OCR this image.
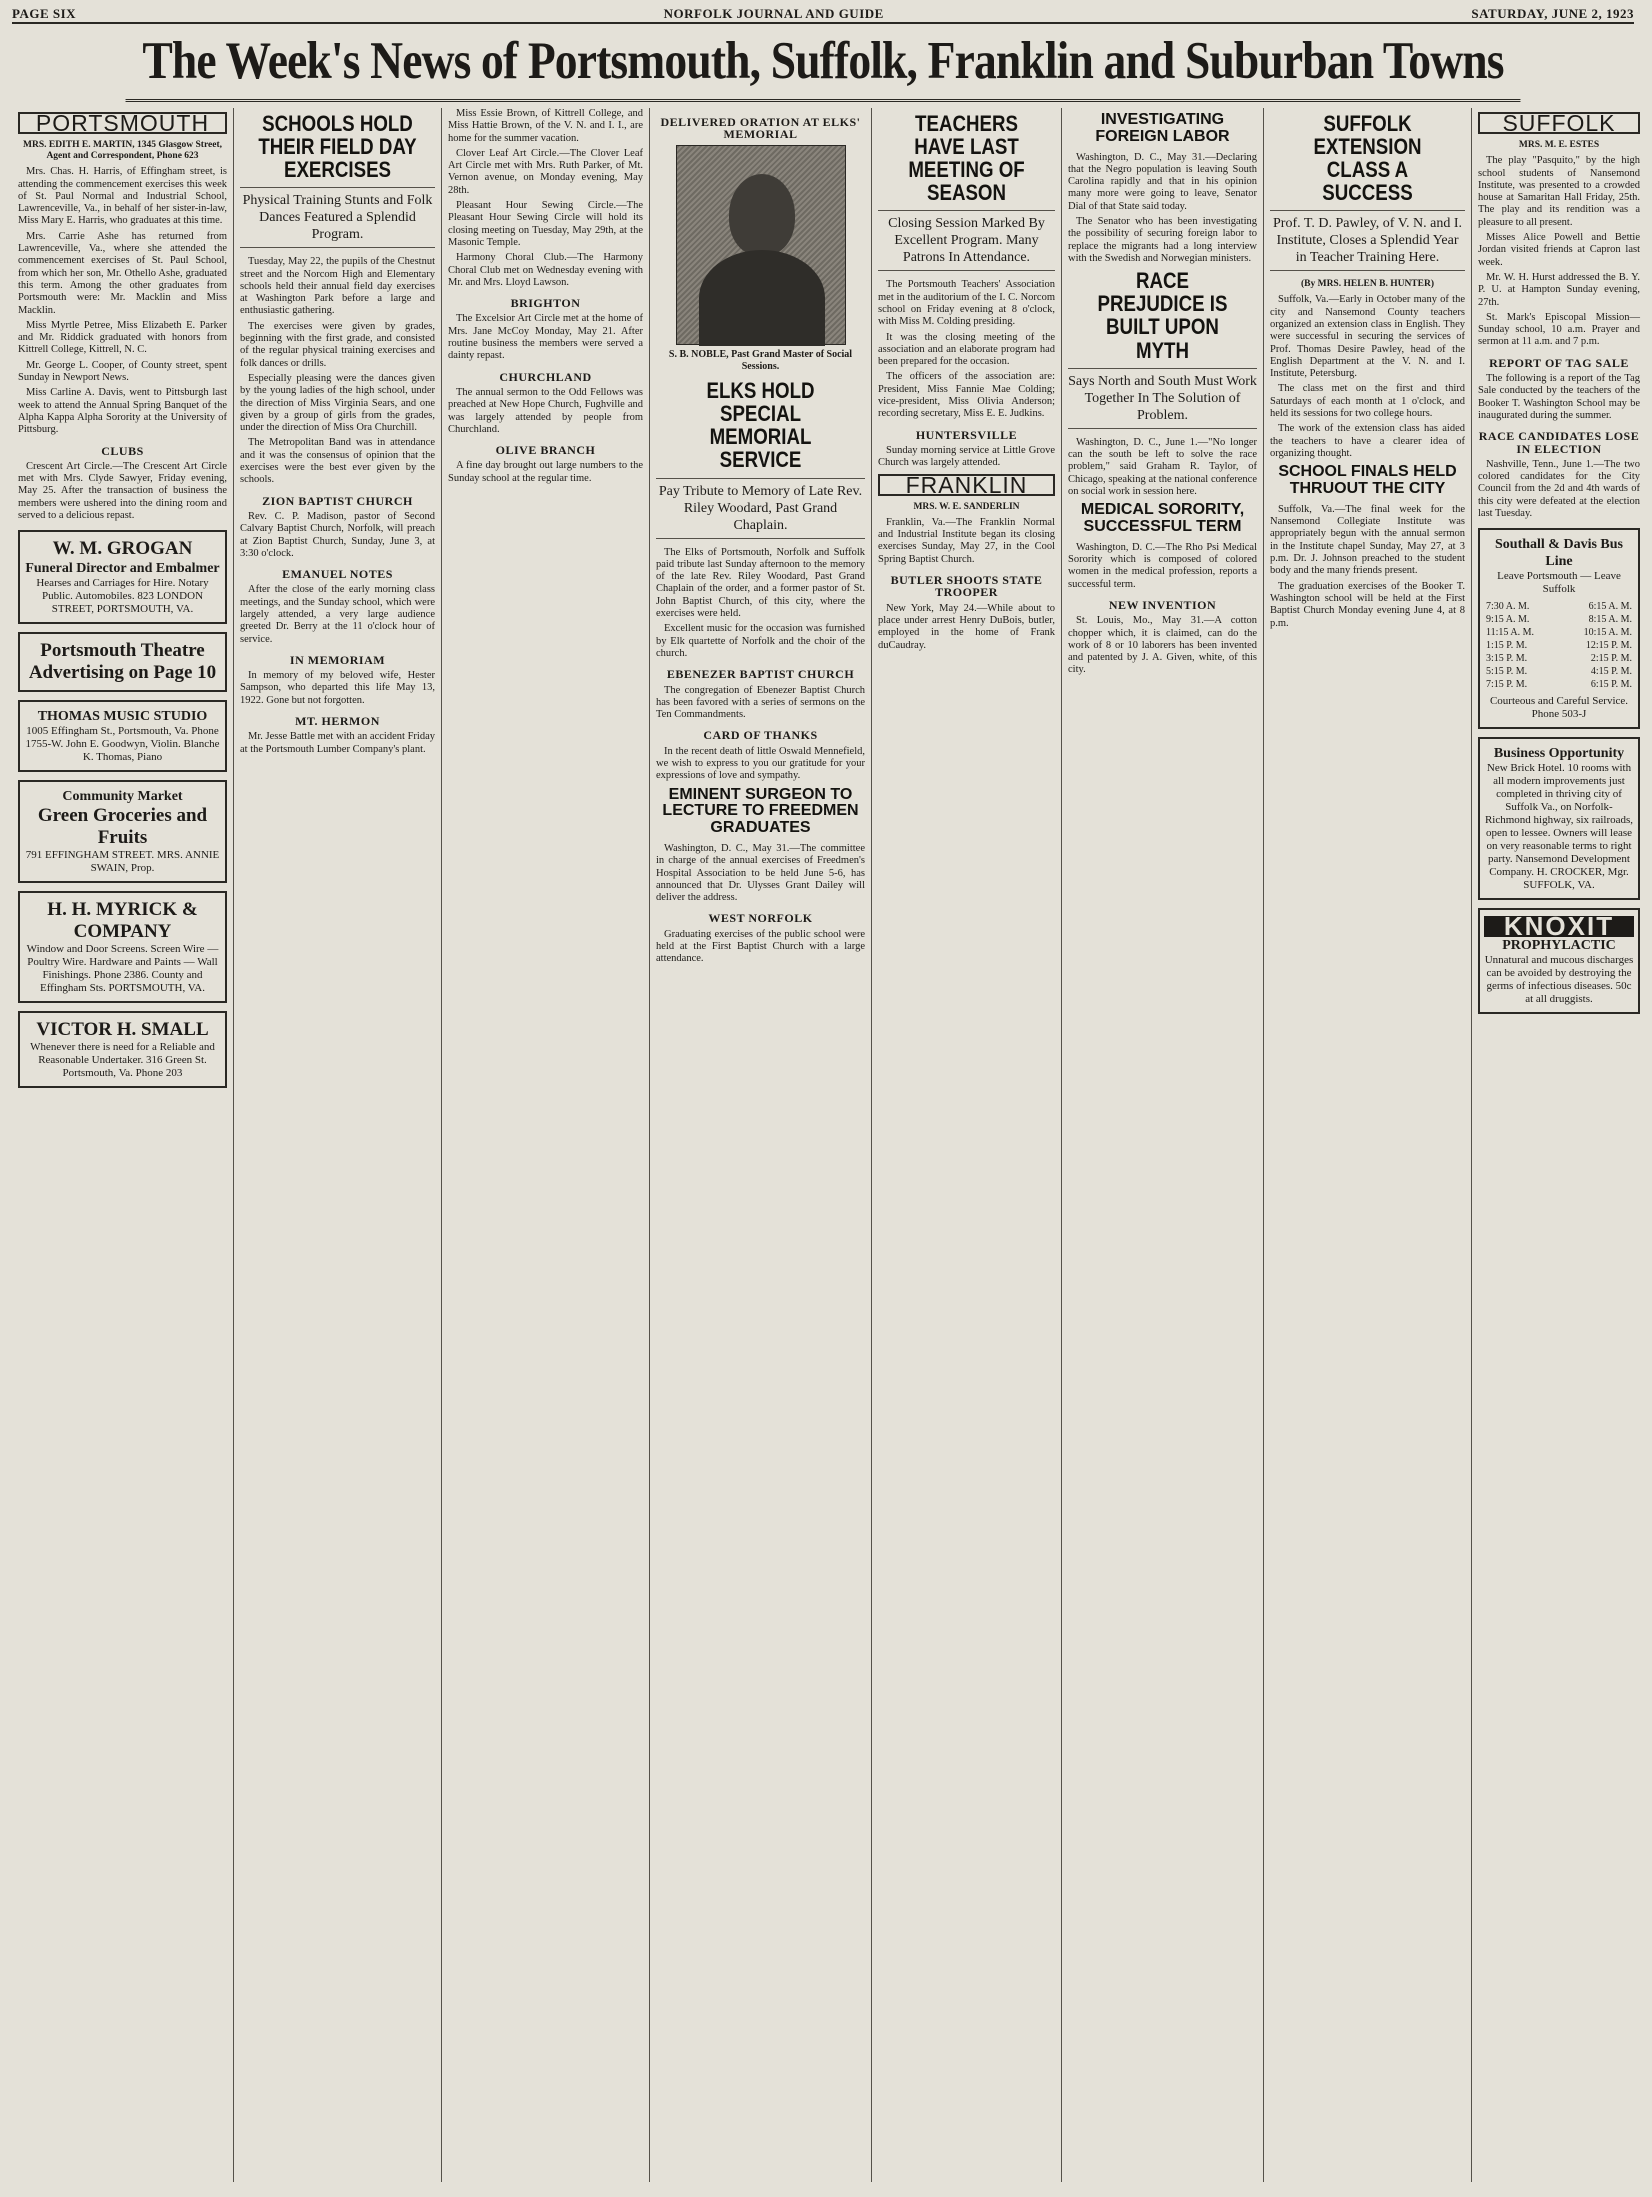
PAGE SIX	NORFOLK JOURNAL AND GUIDE	SATURDAY, JUNE 2, 1923
The Week's News of Portsmouth, Suffolk, Franklin and Suburban Towns
PORTSMOUTH
MRS. EDITH E. MARTIN, 1345 Glasgow Street, Agent and Correspondent, Phone 623

Mrs. Chas. H. Harris, of Effingham street, is attending the commencement exercises this week of St. Paul Normal and Industrial School, Lawrenceville, Va., in behalf of her sister-in-law, Miss Mary E. Harris, who graduates at this time.

Mrs. Carrie Ashe has returned from Lawrenceville, Va., where she attended the commencement exercises of St. Paul School, from which her son, Mr. Othello Ashe, graduated this term. Among the other graduates from Portsmouth were: Mr. Macklin and Miss Macklin.

Miss Myrtle Petree, Miss Elizabeth E. Parker and Mr. Riddick graduated with honors from Kittrell College, Kittrell, N. C.

Mr. George L. Cooper, of County street, spent Sunday in Newport News.

Miss Carline A. Davis, went to Pittsburgh last week to attend the Annual Spring Banquet of the Alpha Kappa Alpha Sorority at the University of Pittsburg.

CLUBS

Crescent Art Circle.—The Crescent Art Circle met with Mrs. Clyde Sawyer, Friday evening, May 25. After the transaction of business the members were ushered into the dining room and served to a delicious repast.

W. M. GROGAN
Funeral Director and Embalmer
Hearses and Carriages for Hire. Notary Public. Automobiles. 823 LONDON STREET, PORTSMOUTH, VA.
Portsmouth Theatre Advertising on Page 10
THOMAS MUSIC STUDIO
1005 Effingham St., Portsmouth, Va. Phone 1755-W. John E. Goodwyn, Violin. Blanche K. Thomas, Piano
Community Market
Green Groceries and Fruits
791 EFFINGHAM STREET. MRS. ANNIE SWAIN, Prop.
H. H. MYRICK & COMPANY
Window and Door Screens. Screen Wire — Poultry Wire. Hardware and Paints — Wall Finishings. Phone 2386. County and Effingham Sts. PORTSMOUTH, VA.
VICTOR H. SMALL
Whenever there is need for a Reliable and Reasonable Undertaker. 316 Green St. Portsmouth, Va. Phone 203
SCHOOLS HOLD THEIR FIELD DAY EXERCISES
Physical Training Stunts and Folk Dances Featured a Splendid Program.

Tuesday, May 22, the pupils of the Chestnut street and the Norcom High and Elementary schools held their annual field day exercises at Washington Park before a large and enthusiastic gathering.

The exercises were given by grades, beginning with the first grade, and consisted of the regular physical training exercises and folk dances or drills.

Especially pleasing were the dances given by the young ladies of the high school, under the direction of Miss Virginia Sears, and one given by a group of girls from the grades, under the direction of Miss Ora Churchill.

The Metropolitan Band was in attendance and it was the consensus of opinion that the exercises were the best ever given by the schools.

ZION BAPTIST CHURCH

Rev. C. P. Madison, pastor of Second Calvary Baptist Church, Norfolk, will preach at Zion Baptist Church, Sunday, June 3, at 3:30 o'clock.

EMANUEL NOTES

After the close of the early morning class meetings, and the Sunday school, which were largely attended, a very large audience greeted Dr. Berry at the 11 o'clock hour of service.

IN MEMORIAM

In memory of my beloved wife, Hester Sampson, who departed this life May 13, 1922. Gone but not forgotten.

MT. HERMON

Mr. Jesse Battle met with an accident Friday at the Portsmouth Lumber Company's plant.

Miss Essie Brown, of Kittrell College, and Miss Hattie Brown, of the V. N. and I. I., are home for the summer vacation.

Clover Leaf Art Circle.—The Clover Leaf Art Circle met with Mrs. Ruth Parker, of Mt. Vernon avenue, on Monday evening, May 28th.

Pleasant Hour Sewing Circle.—The Pleasant Hour Sewing Circle will hold its closing meeting on Tuesday, May 29th, at the Masonic Temple.

Harmony Choral Club.—The Harmony Choral Club met on Wednesday evening with Mr. and Mrs. Lloyd Lawson.

BRIGHTON

The Excelsior Art Circle met at the home of Mrs. Jane McCoy Monday, May 21. After routine business the members were served a dainty repast.

CHURCHLAND

The annual sermon to the Odd Fellows was preached at New Hope Church, Fughville and was largely attended by people from Churchland.

OLIVE BRANCH

A fine day brought out large numbers to the Sunday school at the regular time.

DELIVERED ORATION AT ELKS' MEMORIAL
S. B. NOBLE, Past Grand Master of Social Sessions.
ELKS HOLD SPECIAL MEMORIAL SERVICE
Pay Tribute to Memory of Late Rev. Riley Woodard, Past Grand Chaplain.

The Elks of Portsmouth, Norfolk and Suffolk paid tribute last Sunday afternoon to the memory of the late Rev. Riley Woodard, Past Grand Chaplain of the order, and a former pastor of St. John Baptist Church, of this city, where the exercises were held.

Excellent music for the occasion was furnished by Elk quartette of Norfolk and the choir of the church.

EBENEZER BAPTIST CHURCH

The congregation of Ebenezer Baptist Church has been favored with a series of sermons on the Ten Commandments.

CARD OF THANKS

In the recent death of little Oswald Mennefield, we wish to express to you our gratitude for your expressions of love and sympathy.

EMINENT SURGEON TO LECTURE TO FREEDMEN GRADUATES

Washington, D. C., May 31.—The committee in charge of the annual exercises of Freedmen's Hospital Association to be held June 5-6, has announced that Dr. Ulysses Grant Dailey will deliver the address.

WEST NORFOLK

Graduating exercises of the public school were held at the First Baptist Church with a large attendance.

TEACHERS HAVE LAST MEETING OF SEASON
Closing Session Marked By Excellent Program. Many Patrons In Attendance.

The Portsmouth Teachers' Association met in the auditorium of the I. C. Norcom school on Friday evening at 8 o'clock, with Miss M. Colding presiding.

It was the closing meeting of the association and an elaborate program had been prepared for the occasion.

The officers of the association are: President, Miss Fannie Mae Colding; vice-president, Miss Olivia Anderson; recording secretary, Miss E. E. Judkins.

HUNTERSVILLE

Sunday morning service at Little Grove Church was largely attended.

FRANKLIN
MRS. W. E. SANDERLIN

Franklin, Va.—The Franklin Normal and Industrial Institute began its closing exercises Sunday, May 27, in the Cool Spring Baptist Church.

BUTLER SHOOTS STATE TROOPER

New York, May 24.—While about to place under arrest Henry DuBois, butler, employed in the home of Frank duCaudray.

INVESTIGATING FOREIGN LABOR

Washington, D. C., May 31.—Declaring that the Negro population is leaving South Carolina rapidly and that in his opinion many more were going to leave, Senator Dial of that State said today.

The Senator who has been investigating the possibility of securing foreign labor to replace the migrants had a long interview with the Swedish and Norwegian ministers.

RACE PREJUDICE IS BUILT UPON MYTH
Says North and South Must Work Together In The Solution of Problem.

Washington, D. C., June 1.—"No longer can the south be left to solve the race problem," said Graham R. Taylor, of Chicago, speaking at the national conference on social work in session here.

MEDICAL SORORITY, SUCCESSFUL TERM

Washington, D. C.—The Rho Psi Medical Sorority which is composed of colored women in the medical profession, reports a successful term.

NEW INVENTION

St. Louis, Mo., May 31.—A cotton chopper which, it is claimed, can do the work of 8 or 10 laborers has been invented and patented by J. A. Given, white, of this city.

SUFFOLK EXTENSION CLASS A SUCCESS
Prof. T. D. Pawley, of V. N. and I. Institute, Closes a Splendid Year in Teacher Training Here.
(By MRS. HELEN B. HUNTER)

Suffolk, Va.—Early in October many of the city and Nansemond County teachers organized an extension class in English. They were successful in securing the services of Prof. Thomas Desire Pawley, head of the English Department at the V. N. and I. Institute, Petersburg.

The class met on the first and third Saturdays of each month at 1 o'clock, and held its sessions for two college hours.

The work of the extension class has aided the teachers to have a clearer idea of organizing thought.

SCHOOL FINALS HELD THRUOUT THE CITY

Suffolk, Va.—The final week for the Nansemond Collegiate Institute was appropriately begun with the annual sermon in the Institute chapel Sunday, May 27, at 3 p.m. Dr. J. Johnson preached to the student body and the many friends present.

The graduation exercises of the Booker T. Washington school will be held at the First Baptist Church Monday evening June 4, at 8 p.m.

SUFFOLK
MRS. M. E. ESTES

The play "Pasquito," by the high school students of Nansemond Institute, was presented to a crowded house at Samaritan Hall Friday, 25th. The play and its rendition was a pleasure to all present.

Misses Alice Powell and Bettie Jordan visited friends at Capron last week.

Mr. W. H. Hurst addressed the B. Y. P. U. at Hampton Sunday evening, 27th.

St. Mark's Episcopal Mission—Sunday school, 10 a.m. Prayer and sermon at 11 a.m. and 7 p.m.

REPORT OF TAG SALE

The following is a report of the Tag Sale conducted by the teachers of the Booker T. Washington School may be inaugurated during the summer.

RACE CANDIDATES LOSE IN ELECTION

Nashville, Tenn., June 1.—The two colored candidates for the City Council from the 2d and 4th wards of this city were defeated at the election last Tuesday.

Southall & Davis Bus Line
Leave Portsmouth — Leave Suffolk
7:30 A. M.	6:15 A. M.
9:15 A. M.	8:15 A. M.
11:15 A. M.	10:15 A. M.
1:15 P. M.	12:15 P. M.
3:15 P. M.	2:15 P. M.
5:15 P. M.	4:15 P. M.
7:15 P. M.	6:15 P. M.
Courteous and Careful Service. Phone 503-J
Business Opportunity
New Brick Hotel. 10 rooms with all modern improvements just completed in thriving city of Suffolk Va., on Norfolk-Richmond highway, six railroads, open to lessee. Owners will lease on very reasonable terms to right party. Nansemond Development Company. H. CROCKER, Mgr. SUFFOLK, VA.
KNOXIT
PROPHYLACTIC
Unnatural and mucous discharges can be avoided by destroying the germs of infectious diseases. 50c at all druggists.
